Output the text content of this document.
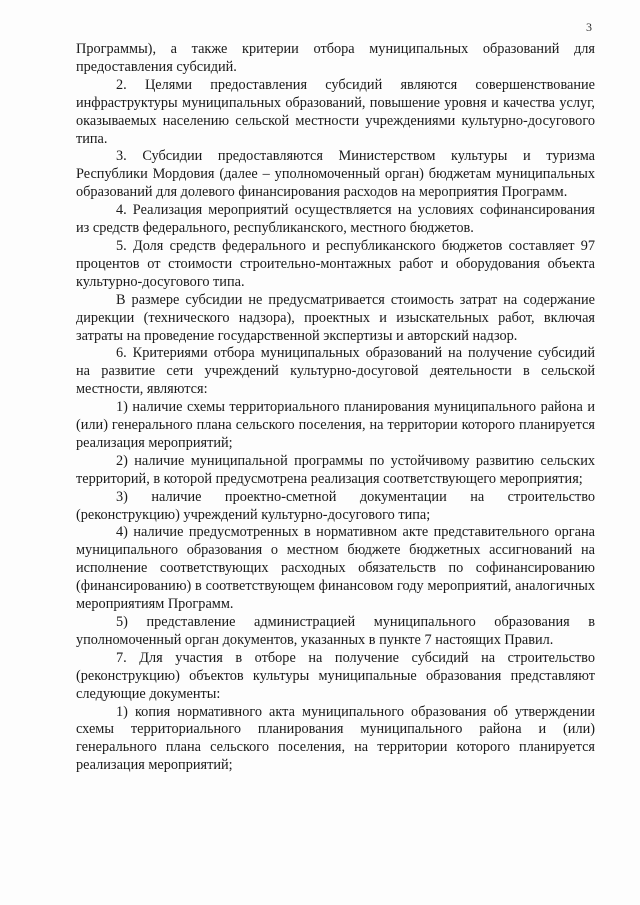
3

Программы), а также критерии отбора муниципальных образований для предоставления субсидий.

2. Целями предоставления субсидий являются совершенствование инфраструктуры муниципальных образований, повышение уровня и качества услуг, оказываемых населению сельской местности учреждениями культурно-досугового типа.

3. Субсидии предоставляются Министерством культуры и туризма Республики Мордовия (далее – уполномоченный орган) бюджетам муниципальных образований для долевого финансирования расходов на мероприятия Программ.

4. Реализация мероприятий осуществляется на условиях софинансирования из средств федерального, республиканского, местного бюджетов.

5. Доля средств федерального и республиканского бюджетов составляет 97 процентов от стоимости строительно-монтажных работ и оборудования объекта культурно-досугового типа.

В размере субсидии не предусматривается стоимость затрат на содержание дирекции (технического надзора), проектных и изыскательных работ, включая затраты на проведение государственной экспертизы и авторский надзор.

6. Критериями отбора муниципальных образований на получение субсидий на развитие сети учреждений культурно-досуговой деятельности в сельской местности, являются:

1) наличие схемы территориального планирования муниципального района и (или) генерального плана сельского поселения, на территории которого планируется реализация мероприятий;

2) наличие муниципальной программы по устойчивому развитию сельских территорий, в которой предусмотрена реализация соответствующего мероприятия;

3) наличие проектно-сметной документации на строительство (реконструкцию) учреждений культурно-досугового типа;

4) наличие предусмотренных в нормативном акте представительного органа муниципального образования о местном бюджете бюджетных ассигнований на исполнение соответствующих расходных обязательств по софинансированию (финансированию) в соответствующем финансовом году мероприятий, аналогичных мероприятиям Программ.

5) представление администрацией муниципального образования в уполномоченный орган документов, указанных в пункте 7 настоящих Правил.

7. Для участия в отборе на получение субсидий на строительство (реконструкцию) объектов культуры муниципальные образования представляют следующие документы:

1) копия нормативного акта муниципального образования об утверждении схемы территориального планирования муниципального района и (или) генерального плана сельского поселения, на территории которого планируется реализация мероприятий;
